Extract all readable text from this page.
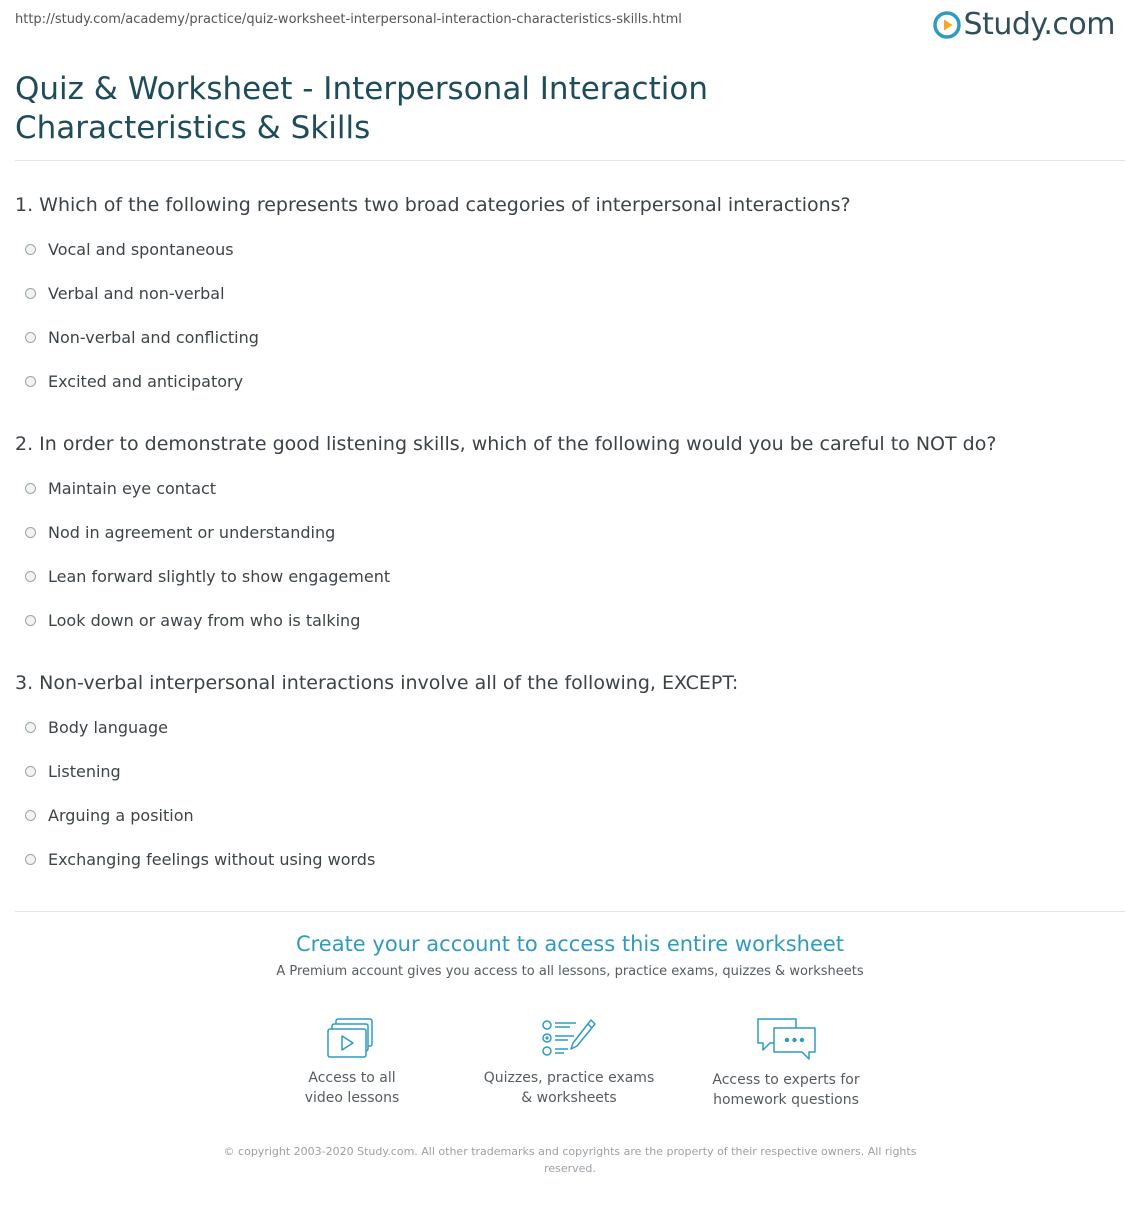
http://study.com/academy/practice/quiz-worksheet-interpersonal-interaction-characteristics-skills.html	Study.com
Quiz & Worksheet - Interpersonal Interaction Characteristics & Skills

1. Which of the following represents two broad categories of interpersonal interactions?

Vocal and spontaneous
Verbal and non-verbal
Non-verbal and conflicting
Excited and anticipatory

2. In order to demonstrate good listening skills, which of the following would you be careful to NOT do?

Maintain eye contact
Nod in agreement or understanding
Lean forward slightly to show engagement
Look down or away from who is talking

3. Non-verbal interpersonal interactions involve all of the following, EXCEPT:

Body language
Listening
Arguing a position
Exchanging feelings without using words
Create your account to access this entire worksheet
A Premium account gives you access to all lessons, practice exams, quizzes & worksheets
Access to all
video lessons
Quizzes, practice exams
& worksheets
Access to experts for
homework questions
© copyright 2003-2020 Study.com. All other trademarks and copyrights are the property of their respective owners. All rights reserved.
